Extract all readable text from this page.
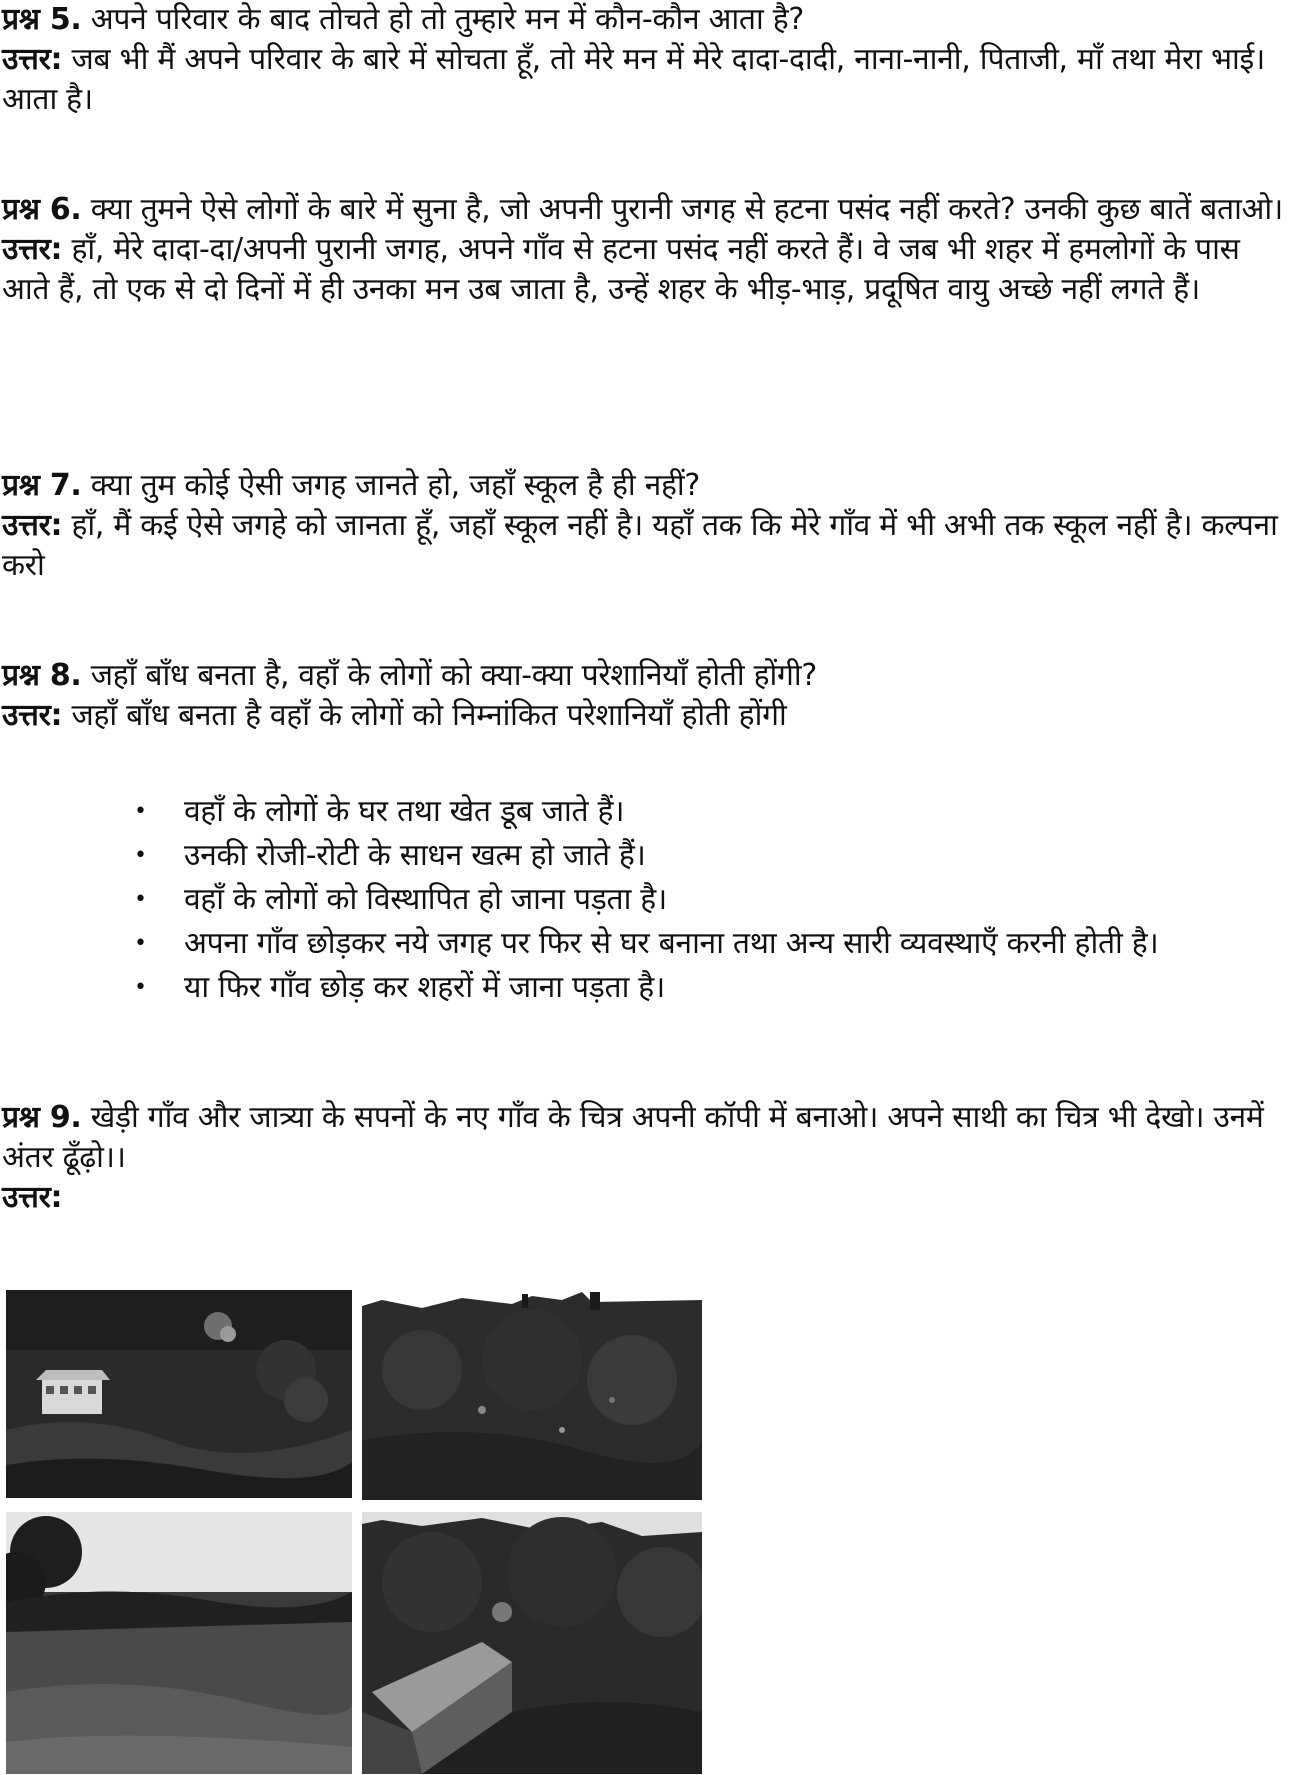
प्रश्न 5. अपने परिवार के बाद तोचते हो तो तुम्हारे मन में कौन-कौन आता है?

उत्तर: जब भी मैं अपने परिवार के बारे में सोचता हूँ, तो मेरे मन में मेरे दादा-दादी, नाना-नानी, पिताजी, माँ तथा मेरा भाई। आता है।

प्रश्न 6. क्या तुमने ऐसे लोगों के बारे में सुना है, जो अपनी पुरानी जगह से हटना पसंद नहीं करते? उनकी कुछ बातें बताओ।

उत्तर: हाँ, मेरे दादा-दा/अपनी पुरानी जगह, अपने गाँव से हटना पसंद नहीं करते हैं। वे जब भी शहर में हमलोगों के पास आते हैं, तो एक से दो दिनों में ही उनका मन उब जाता है, उन्हें शहर के भीड़-भाड़, प्रदूषित वायु अच्छे नहीं लगते हैं।

प्रश्न 7. क्या तुम कोई ऐसी जगह जानते हो, जहाँ स्कूल है ही नहीं?

उत्तर: हाँ, मैं कई ऐसे जगहे को जानता हूँ, जहाँ स्कूल नहीं है। यहाँ तक कि मेरे गाँव में भी अभी तक स्कूल नहीं है। कल्पना करो

प्रश्न 8. जहाँ बाँध बनता है, वहाँ के लोगों को क्या-क्या परेशानियाँ होती होंगी?

उत्तर: जहाँ बाँध बनता है वहाँ के लोगों को निम्नांकित परेशानियाँ होती होंगी

• वहाँ के लोगों के घर तथा खेत डूब जाते हैं।
• उनकी रोजी-रोटी के साधन खत्म हो जाते हैं।
• वहाँ के लोगों को विस्थापित हो जाना पड़ता है।
• अपना गाँव छोड़कर नये जगह पर फिर से घर बनाना तथा अन्य सारी व्यवस्थाएँ करनी होती है।
• या फिर गाँव छोड़ कर शहरों में जाना पड़ता है।

प्रश्न 9. खेड़ी गाँव और जात्र्या के सपनों के नए गाँव के चित्र अपनी कॉपी में बनाओ। अपने साथी का चित्र भी देखो। उनमें अंतर ढूँढ़ो।।

उत्तर:
